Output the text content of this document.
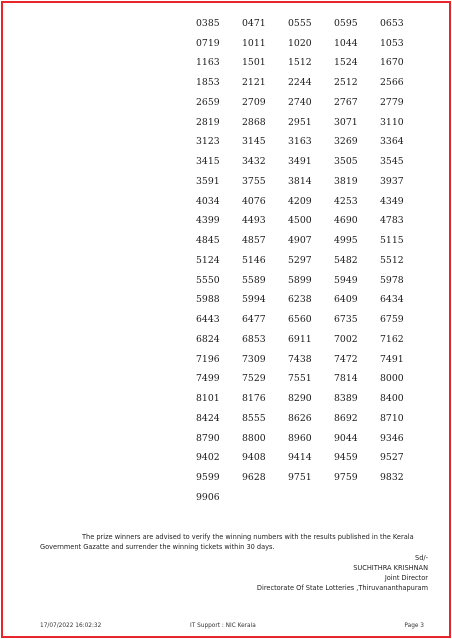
0385	0471	0555	0595	0653
0719	1011	1020	1044	1053
1163	1501	1512	1524	1670
1853	2121	2244	2512	2566
2659	2709	2740	2767	2779
2819	2868	2951	3071	3110
3123	3145	3163	3269	3364
3415	3432	3491	3505	3545
3591	3755	3814	3819	3937
4034	4076	4209	4253	4349
4399	4493	4500	4690	4783
4845	4857	4907	4995	5115
5124	5146	5297	5482	5512
5550	5589	5899	5949	5978
5988	5994	6238	6409	6434
6443	6477	6560	6735	6759
6824	6853	6911	7002	7162
7196	7309	7438	7472	7491
7499	7529	7551	7814	8000
8101	8176	8290	8389	8400
8424	8555	8626	8692	8710
8790	8800	8960	9044	9346
9402	9408	9414	9459	9527
9599	9628	9751	9759	9832
9906
The prize winners are advised to verify the winning numbers with the results published in the Kerala
Government Gazatte and surrender the winning tickets within 30 days.
Sd/-
SUCHITHRA KRISHNAN
Joint Director
Directorate Of State Lotteries ,Thiruvananthapuram
17/07/2022 16:02:32	IT Support : NIC Kerala	Page 3
